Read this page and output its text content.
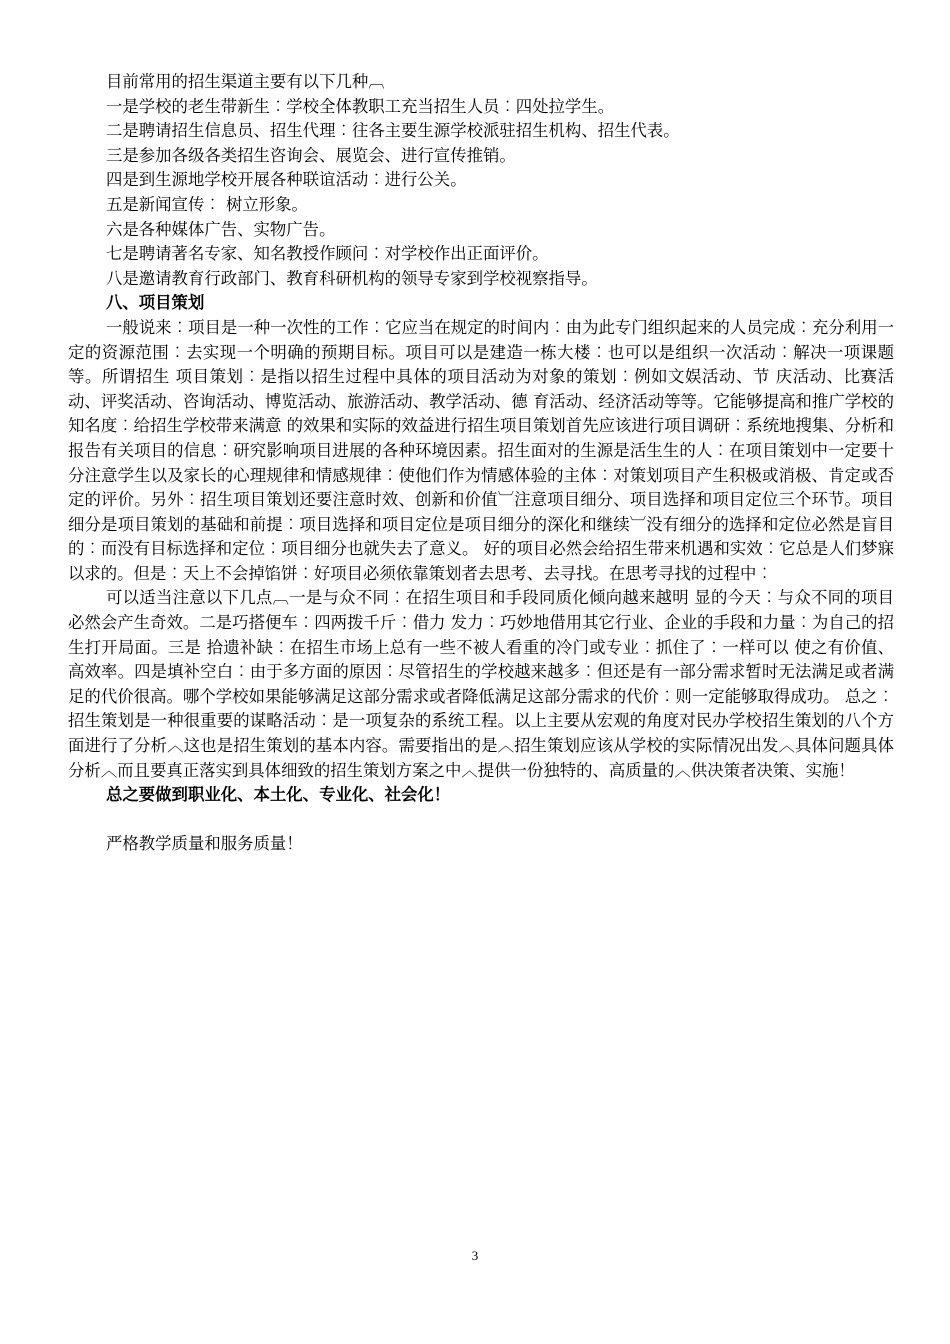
目前常用的招生渠道主要有以下几种︹

一是学校的老生带新生︰学校全体教职工充当招生人员︰四处拉学生。

二是聘请招生信息员、招生代理︰往各主要生源学校派驻招生机构、招生代表。

三是参加各级各类招生咨询会、展览会、进行宣传推销。

四是到生源地学校开展各种联谊活动︰进行公关。

五是新闻宣传︰ 树立形象。

六是各种媒体广告、实物广告。

七是聘请著名专家、知名教授作顾问︰对学校作出正面评价。

八是邀请教育行政部门、教育科研机构的领导专家到学校视察指导。

八、项目策划

一般说来︰项目是一种一次性的工作︰它应当在规定的时间内︰由为此专门组织起来的人员完成︰充分利用一定的资源范围︰去实现一个明确的预期目标。项目可以是建造一栋大楼︰也可以是组织一次活动︰解决一项课题等。所谓招生 项目策划︰是指以招生过程中具体的项目活动为对象的策划︰例如文娱活动、节 庆活动、比赛活动、评奖活动、咨询活动、博览活动、旅游活动、教学活动、德 育活动、经济活动等等。它能够提高和推广学校的知名度︰给招生学校带来满意 的效果和实际的效益进行招生项目策划首先应该进行项目调研︰系统地搜集、分析和报告有关项目的信息︰研究影响项目进展的各种环境因素。招生面对的生源是活生生的人︰在项目策划中一定要十分注意学生以及家长的心理规律和情感规律︰使他们作为情感体验的主体︰对策划项目产生积极或消极、肯定或否定的评价。另外︰招生项目策划还要注意时效、创新和价值︺注意项目细分、项目选择和项目定位三个环节。项目细分是项目策划的基础和前提︰项目选择和项目定位是项目细分的深化和继续︺没有细分的选择和定位必然是盲目的︰而没有目标选择和定位︰项目细分也就失去了意义。 好的项目必然会给招生带来机遇和实效︰它总是人们梦寐以求的。但是︰天上不会掉馅饼︰好项目必须依靠策划者去思考、去寻找。在思考寻找的过程中︰

可以适当注意以下几点︹一是与众不同︰在招生项目和手段同质化倾向越来越明 显的今天︰与众不同的项目必然会产生奇效。二是巧搭便车︰四两拨千斤︰借力 发力︰巧妙地借用其它行业、企业的手段和力量︰为自己的招生打开局面。三是 拾遗补缺︰在招生市场上总有一些不被人看重的冷门或专业︰抓住了︰一样可以 使之有价值、高效率。四是填补空白︰由于多方面的原因︰尽管招生的学校越来越多︰但还是有一部分需求暂时无法满足或者满足的代价很高。哪个学校如果能够满足这部分需求或者降低满足这部分需求的代价︰则一定能够取得成功。 总之︰招生策划是一种很重要的谋略活动︰是一项复杂的系统工程。以上主要从宏观的角度对民办学校招生策划的八个方面进行了分析︿这也是招生策划的基本内容。需要指出的是︿招生策划应该从学校的实际情况出发︿具体问题具体分析︿而且要真正落实到具体细致的招生策划方案之中︿提供一份独特的、高质量的︿供决策者决策、实施！

总之要做到职业化、本土化、专业化、社会化！

严格教学质量和服务质量！

3
